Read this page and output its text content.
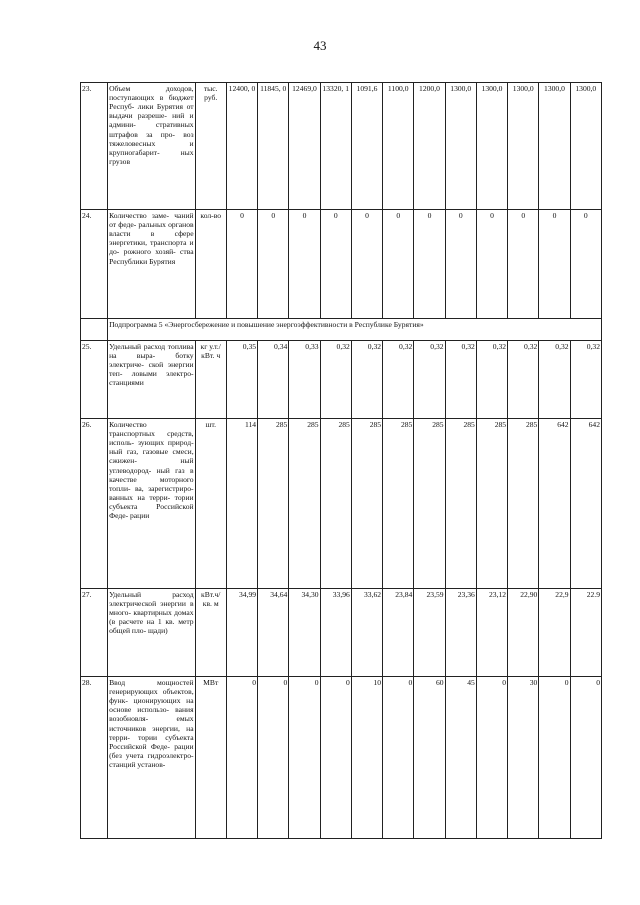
43
23.	Объем доходов, поступающих в бюджет Респуб- лики Бурятия от выдачи разреше- ний и админи- стративных штрафов за про- воз тяжеловесных и крупногабарит- ных грузов	тыс. руб.	12400, 0	11845, 0	12469,0	13320, 1	1091,6	1100,0	1200,0	1300,0	1300,0	1300,0	1300,0	1300,0
24.	Количество заме- чаний от феде- ральных органов власти в сфере энергетики, транспорта и до- рожного хозяй- ства Республики Бурятия	кол-во	0	0	0	0	0	0	0	0	0	0	0	0
	Подпрограмма 5 «Энергосбережение и повышение энергоэффективности в Республике Бурятия»													
25.	Удельный расход топлива на выра- ботку электриче- ской энергии теп- ловыми электро- станциями	кг у.т./кВт. ч	0,35	0,34	0,33	0,32	0,32	0,32	0,32	0,32	0,32	0,32	0,32	0,32
26.	Количество транспортных средств, исполь- зующих природ- ный газ, газовые смеси, сжижен- ный углеводород- ный газ в качестве моторного топли- ва, зарегистриро- ванных на терри- тории субъекта Российской Феде- рации	шт.	114	285	285	285	285	285	285	285	285	285	642	642
27.	Удельный расход электрической энергии в много- квартирных домах (в расчете на 1 кв. метр общей пло- щади)	кВт.ч/ кв. м	34,99	34,64	34,30	33,96	33,62	23,84	23,59	23,36	23,12	22,90	22,9	22.9
28.	Ввод мощностей генерирующих объектов, функ- ционирующих на основе использо- вания возобновля- емых источников энергии, на терри- тории субъекта Российской Феде- рации (без учета гидроэлектро- станций установ-	МВт	0	0	0	0	10	0	60	45	0	30	0	0
